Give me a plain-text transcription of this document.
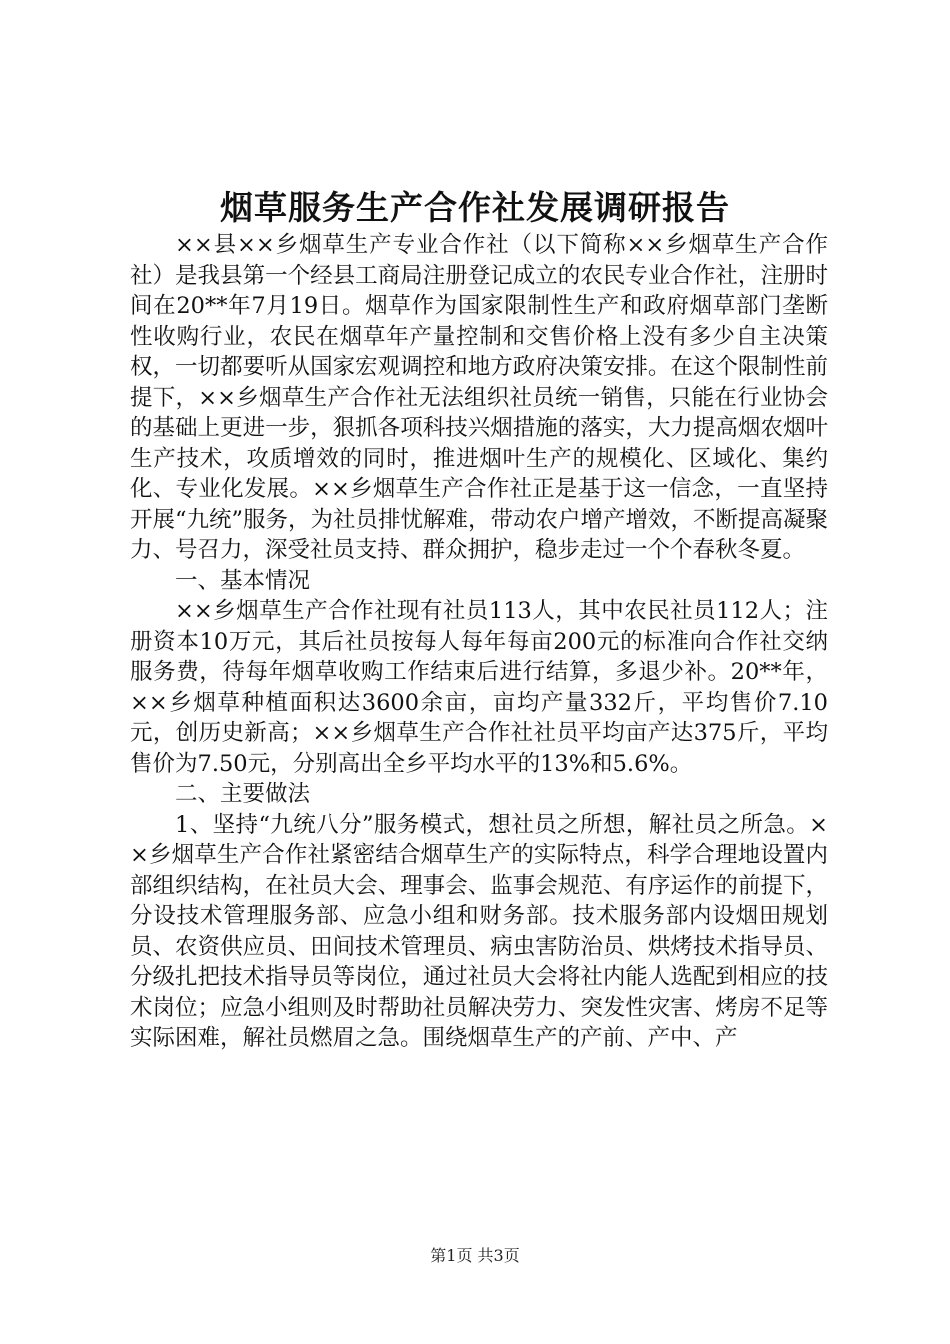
烟草服务生产合作社发展调研报告

××县××乡烟草生产专业合作社（以下简称××乡烟草生产合作社）是我县第一个经县工商局注册登记成立的农民专业合作社，注册时间在20**年7月19日。烟草作为国家限制性生产和政府烟草部门垄断性收购行业，农民在烟草年产量控制和交售价格上没有多少自主决策权，一切都要听从国家宏观调控和地方政府决策安排。在这个限制性前提下，××乡烟草生产合作社无法组织社员统一销售，只能在行业协会的基础上更进一步，狠抓各项科技兴烟措施的落实，大力提高烟农烟叶生产技术，攻质增效的同时，推进烟叶生产的规模化、区域化、集约化、专业化发展。××乡烟草生产合作社正是基于这一信念，一直坚持开展“九统”服务，为社员排忧解难，带动农户增产增效，不断提高凝聚力、号召力，深受社员支持、群众拥护，稳步走过一个个春秋冬夏。

一、基本情况

××乡烟草生产合作社现有社员113人，其中农民社员112人；注册资本10万元，其后社员按每人每年每亩200元的标准向合作社交纳服务费，待每年烟草收购工作结束后进行结算，多退少补。20**年，××乡烟草种植面积达3600余亩，亩均产量332斤，平均售价7.10元，创历史新高；××乡烟草生产合作社社员平均亩产达375斤，平均售价为7.50元，分别高出全乡平均水平的13%和5.6%。

二、主要做法

1、坚持“九统八分”服务模式，想社员之所想，解社员之所急。××乡烟草生产合作社紧密结合烟草生产的实际特点，科学合理地设置内部组织结构，在社员大会、理事会、监事会规范、有序运作的前提下，分设技术管理服务部、应急小组和财务部。技术服务部内设烟田规划员、农资供应员、田间技术管理员、病虫害防治员、烘烤技术指导员、分级扎把技术指导员等岗位，通过社员大会将社内能人选配到相应的技术岗位；应急小组则及时帮助社员解决劳力、突发性灾害、烤房不足等实际困难，解社员燃眉之急。围绕烟草生产的产前、产中、产

第1页 共3页
